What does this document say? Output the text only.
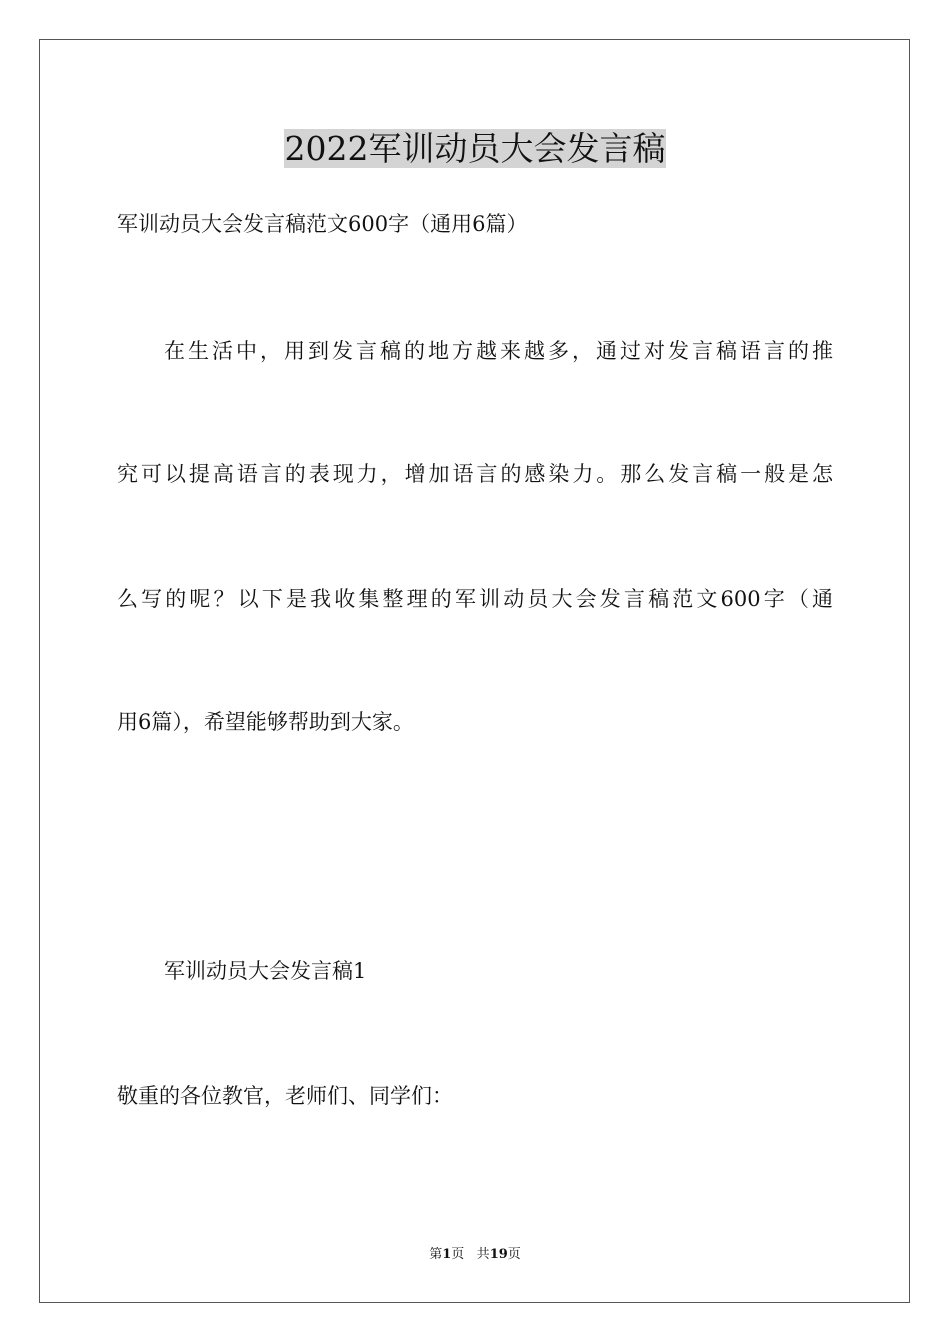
2022军训动员大会发言稿
军训动员大会发言稿范文600字（通用6篇）
在生活中，用到发言稿的地方越来越多，通过对发言稿语言的推
究可以提高语言的表现力，增加语言的感染力。那么发言稿一般是怎
么写的呢？以下是我收集整理的军训动员大会发言稿范文600字（通
用6篇），希望能够帮助到大家。
军训动员大会发言稿1
敬重的各位教官，老师们、同学们：
第1页 共19页
